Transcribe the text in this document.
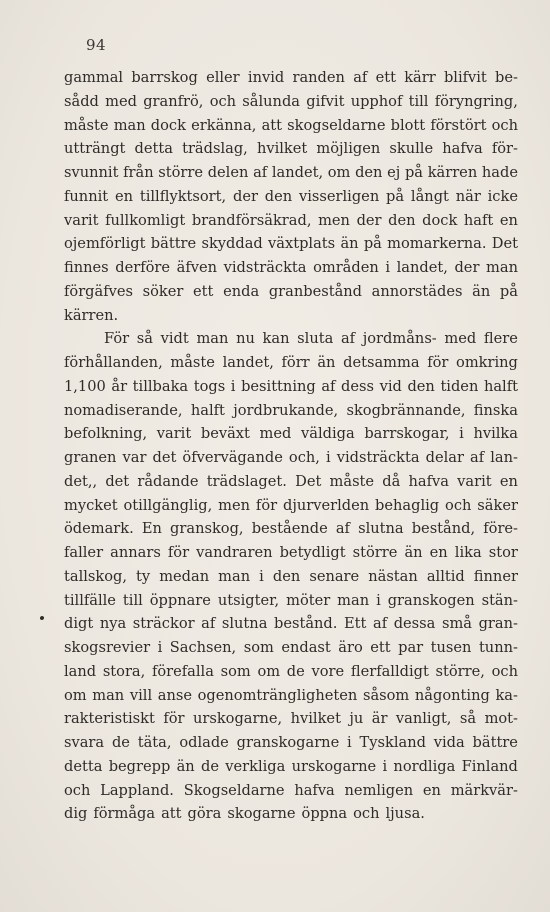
94
gammal barrskog eller invid randen af ett kärr blifvit be-
sådd med granfrö, och sålunda gifvit upphof till föryngring,
måste man dock erkänna, att skogseldarne blott förstört och
utträngt detta trädslag, hvilket möjligen skulle hafva för-
svunnit från större delen af landet, om den ej på kärren hade
funnit en tillflyktsort, der den visserligen på långt när icke
varit fullkomligt brandförsäkrad, men der den dock haft en
ojemförligt bättre skyddad växtplats än på momarkerna. Det
finnes derföre äfven vidsträckta områden i landet, der man
förgäfves söker ett enda granbestånd annorstädes än på
kärren.
För så vidt man nu kan sluta af jordmåns- med flere
förhållanden, måste landet, förr än detsamma för omkring
1,100 år tillbaka togs i besittning af dess vid den tiden halft
nomadiserande, halft jordbrukande, skogbrännande, finska
befolkning, varit beväxt med väldiga barrskogar, i hvilka
granen var det öfvervägande och, i vidsträckta delar af lan-
det,, det rådande trädslaget. Det måste då hafva varit en
mycket otillgänglig, men för djurverlden behaglig och säker
ödemark. En granskog, bestående af slutna bestånd, före-
faller annars för vandraren betydligt större än en lika stor
tallskog, ty medan man i den senare nästan alltid finner
tillfälle till öppnare utsigter, möter man i granskogen stän-
digt nya sträckor af slutna bestånd. Ett af dessa små gran-
skogsrevier i Sachsen, som endast äro ett par tusen tunn-
land stora, förefalla som om de vore flerfalldigt större, och
om man vill anse ogenomträngligheten såsom någonting ka-
rakteristiskt för urskogarne, hvilket ju är vanligt, så mot-
svara de täta, odlade granskogarne i Tyskland vida bättre
detta begrepp än de verkliga urskogarne i nordliga Finland
och Lappland. Skogseldarne hafva nemligen en märkvär-
dig förmåga att göra skogarne öppna och ljusa.
